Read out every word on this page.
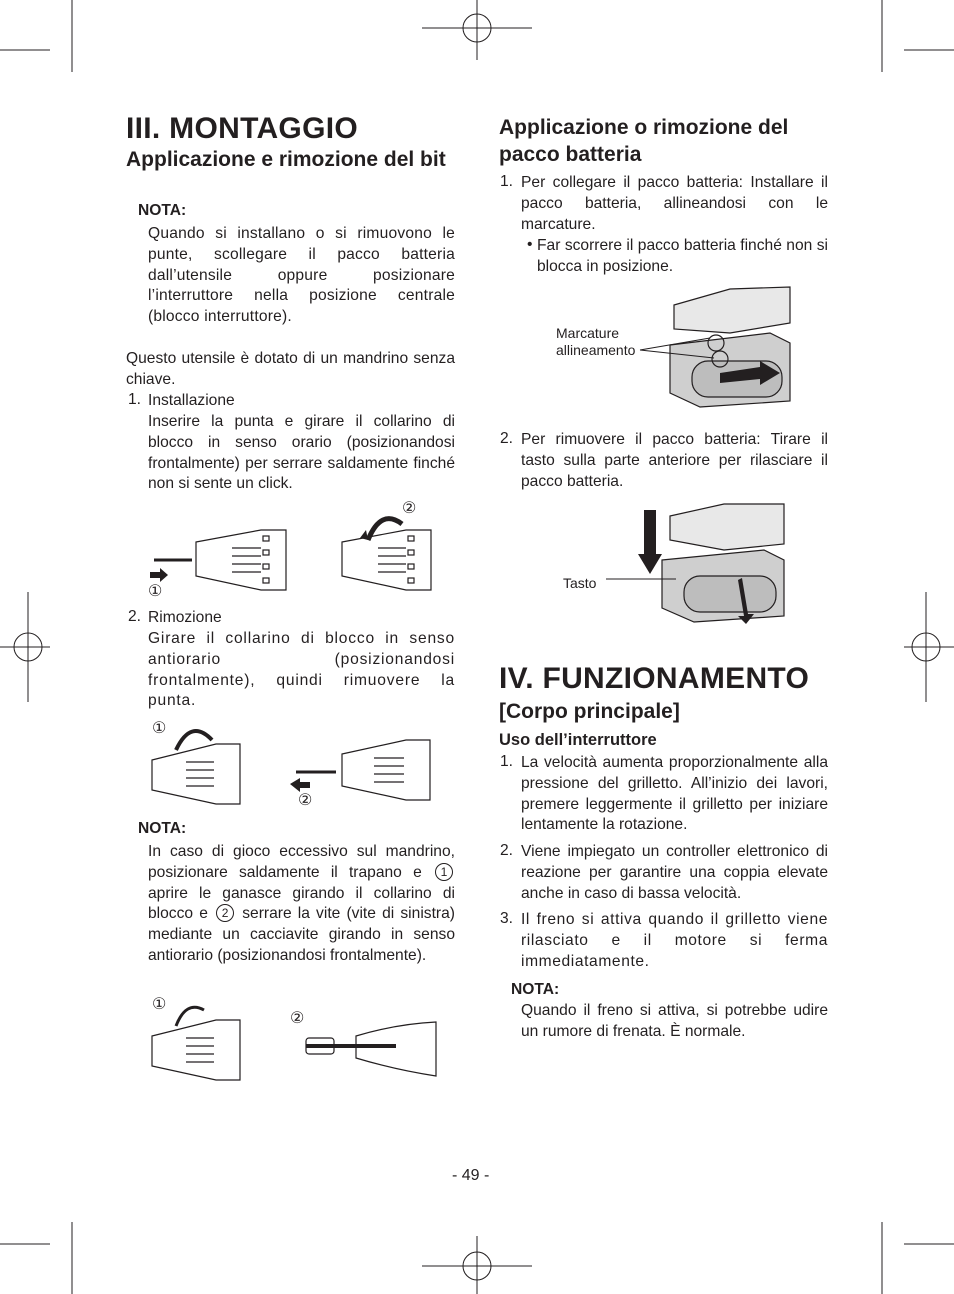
III. MONTAGGIO
Applicazione e rimozione del bit
NOTA:
Quando si installano o si rimuovono le punte, scollegare il pacco batteria dall’utensile oppure posizionare l’interruttore nella posizione centrale (blocco interruttore).
Questo utensile è dotato di un mandrino senza chiave.
1. Installazione
Inserire la punta e girare il collarino di blocco in senso orario (posizionandosi frontalmente) per serrare saldamente finché non si sente un click.
①
②
2. Rimozione
Girare il collarino di blocco in senso antiorario (posizionandosi frontalmente), quindi rimuovere la punta.
①
②
NOTA:
In caso di gioco eccessivo sul mandrino, posizionare saldamente il trapano e 1 aprire le ganasce girando il collarino di blocco e 2 serrare la vite (vite di sinistra) mediante un cacciavite girando in senso antiorario (posizionandosi frontalmente).
①
②
Applicazione o rimozione del pacco batteria
1. Per collegare il pacco batteria: Installare il pacco batteria, allineandosi con le marcature.
• Far scorrere il pacco batteria finché non si blocca in posizione.
Marcature allineamento
2. Per rimuovere il pacco batteria: Tirare il tasto sulla parte anteriore per rilasciare il pacco batteria.
Tasto
IV. FUNZIONAMENTO
[Corpo principale]
Uso dell’interruttore
1. La velocità aumenta proporzionalmente alla pressione del grilletto. All’inizio dei lavori, premere leggermente il grilletto per iniziare lentamente la rotazione.
2. Viene impiegato un controller elettronico di reazione per garantire una coppia elevate anche in caso di bassa velocità.
3. Il freno si attiva quando il grilletto viene rilasciato e il motore si ferma immediatamente.
NOTA:
Quando il freno si attiva, si potrebbe udire un rumore di frenata. È normale.
- 49 -
